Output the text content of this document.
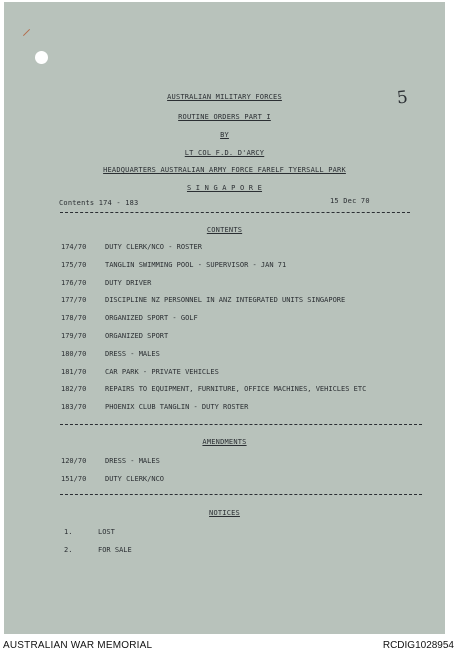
5
AUSTRALIAN MILITARY FORCES
ROUTINE ORDERS PART I
BY
LT COL F.D. D'ARCY
HEADQUARTERS AUSTRALIAN ARMY FORCE FARELF TYERSALL PARK
S I N G A P O R E
Contents 174 - 183	15 Dec 70
CONTENTS
174/70	DUTY CLERK/NCO - ROSTER
175/70	TANGLIN SWIMMING POOL - SUPERVISOR - JAN 71
176/70	DUTY DRIVER
177/70	DISCIPLINE NZ PERSONNEL IN ANZ INTEGRATED UNITS SINGAPORE
178/70	ORGANIZED SPORT - GOLF
179/70	ORGANIZED SPORT
180/70	DRESS - MALES
181/70	CAR PARK - PRIVATE VEHICLES
182/70	REPAIRS TO EQUIPMENT, FURNITURE, OFFICE MACHINES, VEHICLES ETC
183/70	PHOENIX CLUB TANGLIN - DUTY ROSTER
AMENDMENTS
120/70	DRESS - MALES
151/70	DUTY CLERK/NCO
NOTICES
1.	LOST
2.	FOR SALE
AUSTRALIAN WAR MEMORIAL	RCDIG1028954
